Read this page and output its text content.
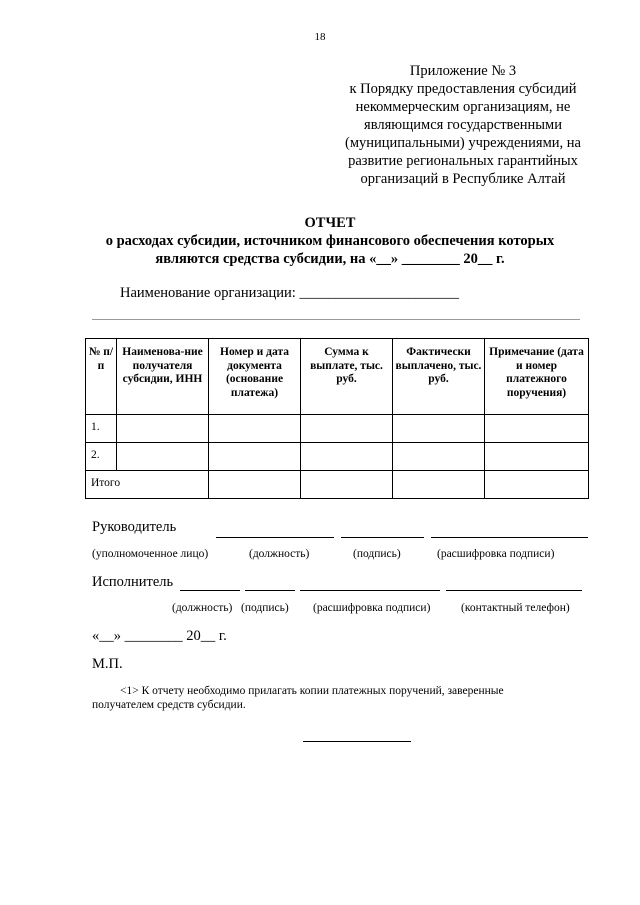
18
Приложение № 3
к Порядку предоставления субсидий
некоммерческим организациям, не
являющимся государственными
(муниципальными) учреждениями, на
развитие региональных гарантийных
организаций в Республике Алтай
ОТЧЕТ
о расходах субсидии, источником финансового обеспечения которых
являются средства субсидии, на «__» ________ 20__ г.
Наименование организации: ______________________
№ п/п	Наименова-ние получателя субсидии, ИНН	Номер и дата документа (основание платежа)	Сумма к выплате, тыс. руб.	Фактически выплачено, тыс. руб.	Примечание (дата и номер платежного поручения)
1.					
2.					
Итого					
Руководитель
(уполномоченное лицо)	(должность)	(подпись)	(расшифровка подписи)
Исполнитель
(должность) (подпись) (расшифровка подписи)	(контактный телефон)
«__» ________ 20__ г.
М.П.
<1> К отчету необходимо прилагать копии платежных поручений, заверенные
получателем средств субсидии.
